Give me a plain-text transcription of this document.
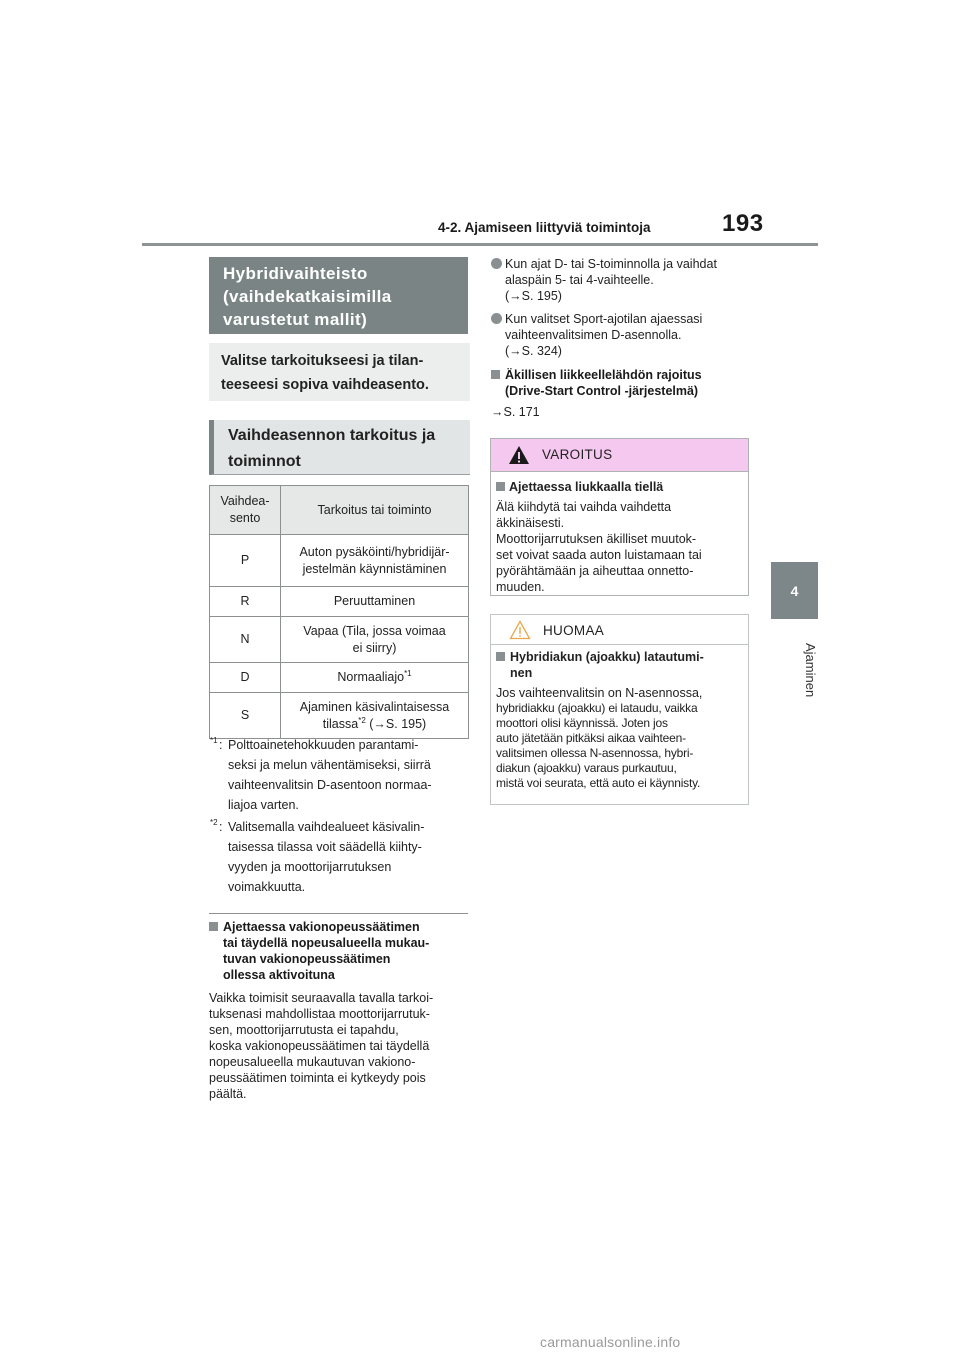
4-2. Ajamiseen liittyviä toimintoja	193
4
Ajaminen
Hybridivaihteisto
(vaihdekatkaisimilla
varustetut mallit)
Valitse tarkoitukseesi ja tilan-
teeseesi sopiva vaihdeasento.
Vaihdeasennon tarkoitus ja
toiminnot
Vaihdea-
sento	Tarkoitus tai toiminto
P	Auton pysäköinti/hybridijär-
jestelmän käynnistäminen
R	Peruuttaminen
N	Vapaa (Tila, jossa voimaa
ei siirry)
D	Normaaliajo$^{*1}$
S	Ajaminen käsivalintaisessa
tilassa$^{*2}$ (→S. 195)
*1 : Polttoainetehokkuuden parantami-
seksi ja melun vähentämiseksi, siirrä
vaihteenvalitsin D-asentoon normaa-
liajoa varten.
*2 : Valitsemalla vaihdealueet käsivalin-
taisessa tilassa voit säädellä kiihty-
vyyden ja moottorijarrutuksen
voimakkuutta.
Ajettaessa vakionopeussäätimen
tai täydellä nopeusalueella mukau-
tuvan vakionopeussäätimen
ollessa aktivoituna
Vaikka toimisit seuraavalla tavalla tarkoi-
tuksenasi mahdollistaa moottorijarrutuk-
sen, moottorijarrutusta ei tapahdu,
koska vakionopeussäätimen tai täydellä
nopeusalueella mukautuvan vakiono-
peussäätimen toiminta ei kytkeydy pois
päältä.
Kun ajat D- tai S-toiminnolla ja vaihdat
alaspäin 5- tai 4-vaihteelle.
(→S. 195)
Kun valitset Sport-ajotilan ajaessasi
vaihteenvalitsimen D-asennolla.
(→S. 324)
Äkillisen liikkeellelähdön rajoitus
(Drive-Start Control -järjestelmä)
→S. 171
VAROITUS
Ajettaessa liukkaalla tiellä
Älä kiihdytä tai vaihda vaihdetta
äkkinäisesti.
Moottorijarrutuksen äkilliset muutok-
set voivat saada auton luistamaan tai
pyörähtämään ja aiheuttaa onnetto-
muuden.
HUOMAA
Hybridiakun (ajoakku) latautumi-
nen
Jos vaihteenvalitsin on N-asennossa,
hybridiakku (ajoakku) ei lataudu, vaikka
moottori olisi käynnissä. Joten jos
auto jätetään pitkäksi aikaa vaihteen-
valitsimen ollessa N-asennossa, hybri-
diakun (ajoakku) varaus purkautuu,
mistä voi seurata, että auto ei käynnisty.
carmanualsonline.info
